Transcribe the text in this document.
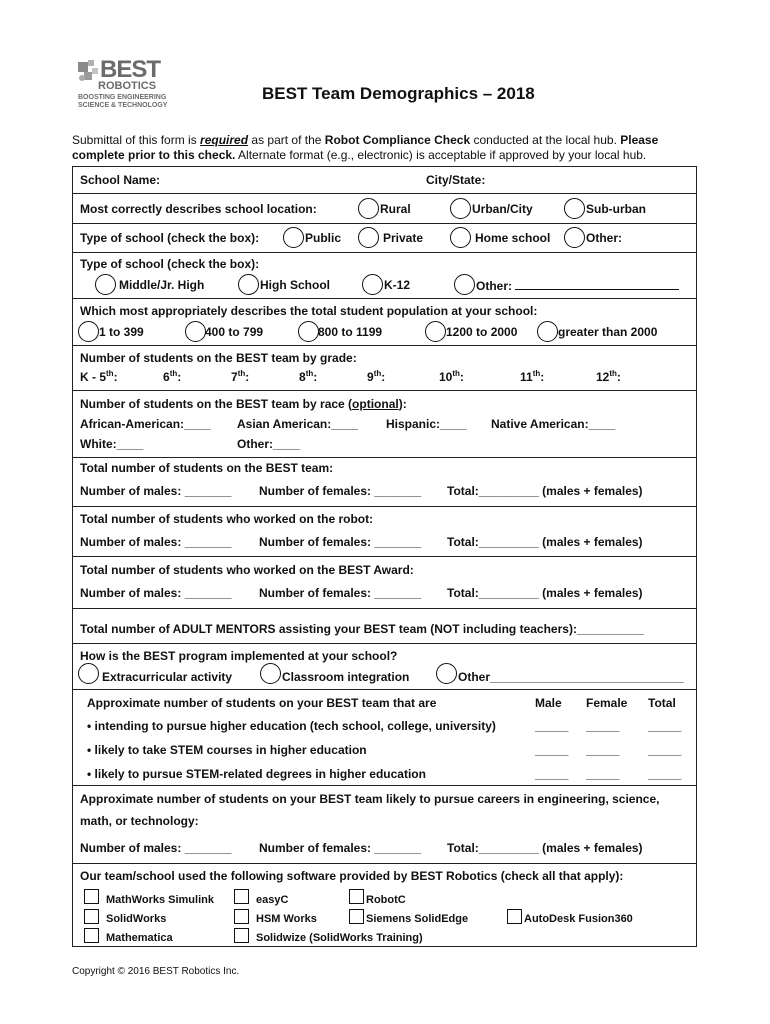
BEST
ROBOTICS
BOOSTING ENGINEERING
SCIENCE & TECHNOLOGY
BEST Team Demographics – 2018
Submittal of this form is required as part of the Robot Compliance Check conducted at the local hub. Please
complete prior to this check. Alternate format (e.g., electronic) is acceptable if approved by your local hub.
School Name:	City/State:
Most correctly describes school location:	Rural	Urban/City	Sub-urban
Type of school (check the box):	Public	Private	Home school	Other:
Type of school (check the box):
Middle/Jr. High	High School	K-12	Other:
Which most appropriately describes the total student population at your school:
1 to 399	400 to 799	800 to 1199	1200 to 2000	greater than 2000
Number of students on the BEST team by grade:
K - 5th:	6th:	7th:	8th:	9th:	10th:	11th:	12th:
Number of students on the BEST team by race (optional):
African-American:____ Asian American:____ Hispanic:____ Native American:____
White:____	Other:____
Total number of students on the BEST team:
Number of males: _______ Number of females: _______ Total:_________ (males + females)
Total number of students who worked on the robot:
Number of males: _______ Number of females: _______ Total:_________ (males + females)
Total number of students who worked on the BEST Award:
Number of males: _______ Number of females: _______ Total:_________ (males + females)
Total number of ADULT MENTORS assisting your BEST team (NOT including teachers):__________
How is the BEST program implemented at your school?
Extracurricular activity	Classroom integration	Other_____________________________
Approximate number of students on your BEST team that are	Male Female Total
• intending to pursue higher education (tech school, college, university)	_____ _____ _____
• likely to take STEM courses in higher education	_____ _____ _____
• likely to pursue STEM-related degrees in higher education	_____ _____ _____
Approximate number of students on your BEST team likely to pursue careers in engineering, science,
math, or technology:
Number of males: _______ Number of females: _______ Total:_________ (males + females)
Our team/school used the following software provided by BEST Robotics (check all that apply):
MathWorks Simulink	easyC	RobotC
SolidWorks	HSM Works	Siemens SolidEdge	AutoDesk Fusion360
Mathematica	Solidwize (SolidWorks Training)
Copyright © 2016 BEST Robotics Inc.
